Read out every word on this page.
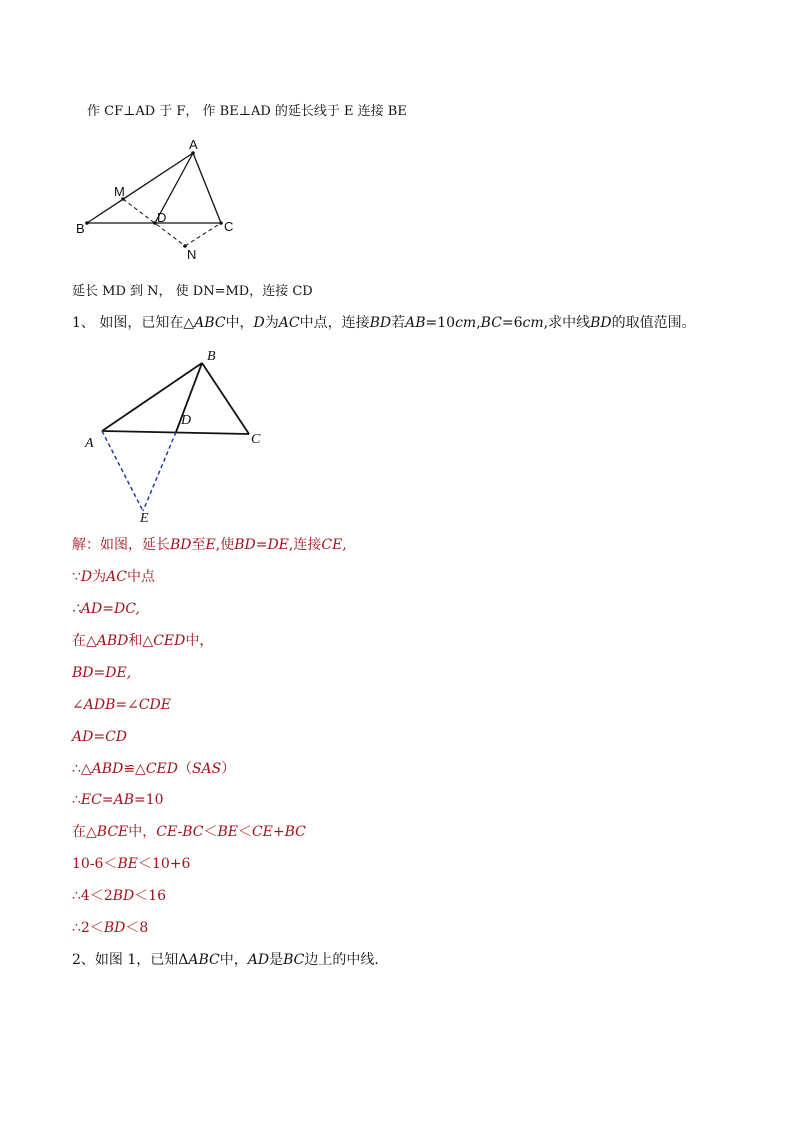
作 CF⊥AD 于 F， 作 BE⊥AD 的延长线于 E 连接 BE
A
M
D
B	C
N
延长 MD 到 N， 使 DN=MD，连接 CD
1、 如图，已知在△ABC中，D为AC中点，连接BD若AB=10cm,BC=6cm,求中线BD的取值范围。
B
D
A	C
E
解：如图，延长BD至E,使BD=DE,连接CE,
∵D为AC中点
∴AD=DC,
在△ABD和△CED中，
BD=DE,
∠ADB=∠CDE
AD=CD
∴△ABD≌△CED（SAS）
∴EC=AB=10
在△BCE中，CE-BC＜BE＜CE+BC
10-6＜BE＜10+6
∴4＜2BD＜16
∴2＜BD＜8
2、如图 1，已知ΔABC中，AD是BC边上的中线．
